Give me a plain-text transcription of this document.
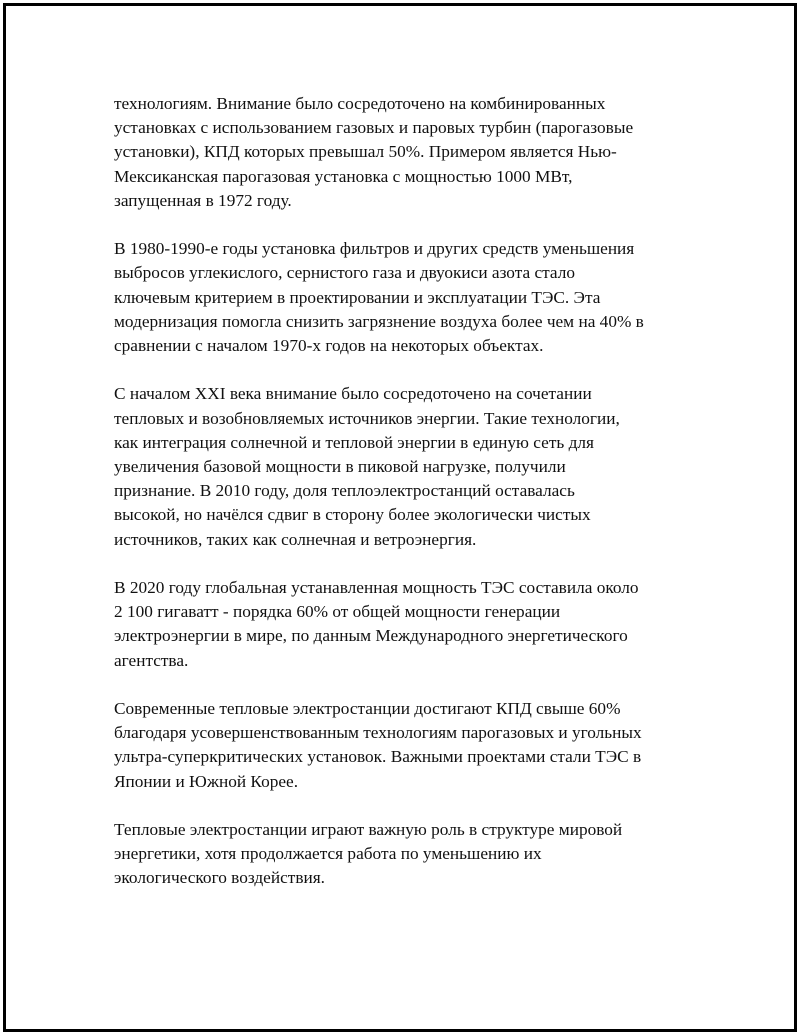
технологиям. Внимание было сосредоточено на комбинированных
установках с использованием газовых и паровых турбин (парогазовые
установки), КПД которых превышал 50%. Примером является Нью-
Мексиканская парогазовая установка с мощностью 1000 МВт,
запущенная в 1972 году.

В 1980-1990-е годы установка фильтров и других средств уменьшения
выбросов углекислого, сернистого газа и двуокиси азота стало
ключевым критерием в проектировании и эксплуатации ТЭС. Эта
модернизация помогла снизить загрязнение воздуха более чем на 40% в
сравнении с началом 1970-х годов на некоторых объектах.

С началом XXI века внимание было сосредоточено на сочетании
тепловых и возобновляемых источников энергии. Такие технологии,
как интеграция солнечной и тепловой энергии в единую сеть для
увеличения базовой мощности в пиковой нагрузке, получили
признание. В 2010 году, доля теплоэлектростанций оставалась
высокой, но начёлся сдвиг в сторону более экологически чистых
источников, таких как солнечная и ветроэнергия.

В 2020 году глобальная устанавленная мощность ТЭС составила около
2 100 гигаватт - порядка 60% от общей мощности генерации
электроэнергии в мире, по данным Международного энергетического
агентства.

Современные тепловые электростанции достигают КПД свыше 60%
благодаря усовершенствованным технологиям парогазовых и угольных
ультра-суперкритических установок. Важными проектами стали ТЭС в
Японии и Южной Корее.

Тепловые электростанции играют важную роль в структуре мировой
энергетики, хотя продолжается работа по уменьшению их
экологического воздействия.
